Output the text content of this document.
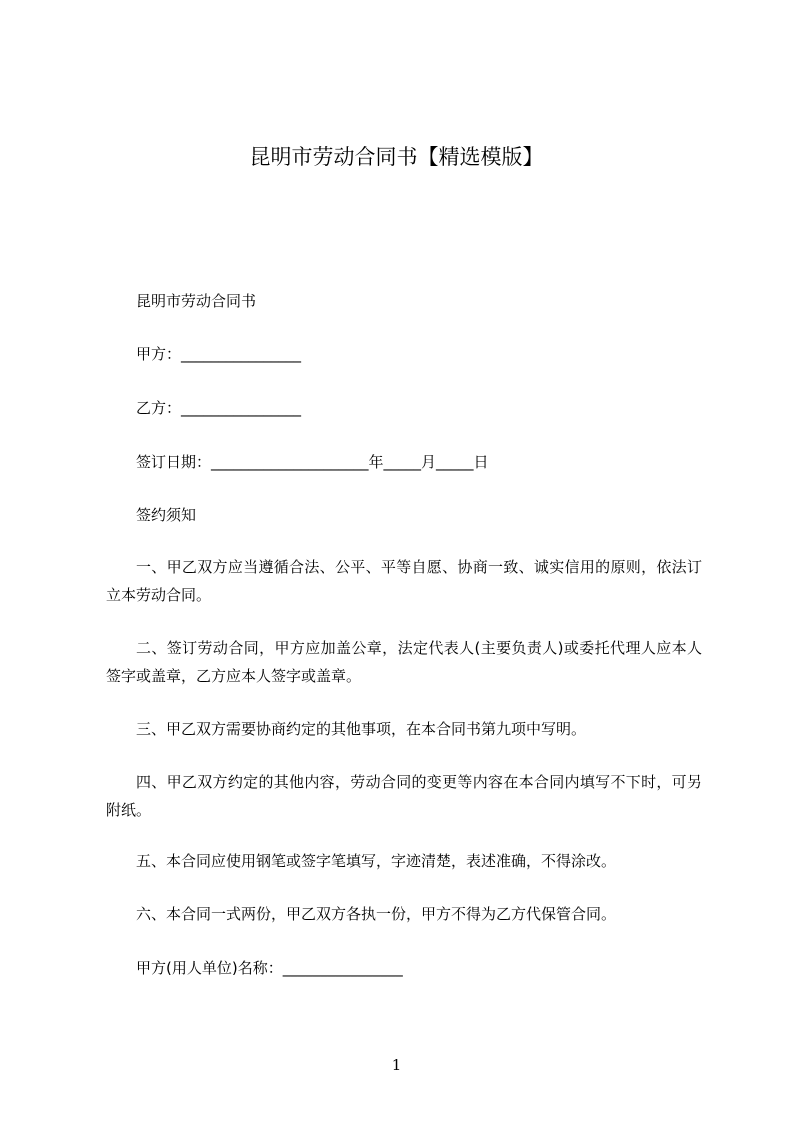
昆明市劳动合同书【精选模版】
昆明市劳动合同书
甲方：________________
乙方：________________
签订日期：_____________________年_____月_____日
签约须知
一、甲乙双方应当遵循合法、公平、平等自愿、协商一致、诚实信用的原则，依法订立本劳动合同。
二、签订劳动合同，甲方应加盖公章，法定代表人(主要负责人)或委托代理人应本人签字或盖章，乙方应本人签字或盖章。
三、甲乙双方需要协商约定的其他事项，在本合同书第九项中写明。
四、甲乙双方约定的其他内容，劳动合同的变更等内容在本合同内填写不下时，可另附纸。
五、本合同应使用钢笔或签字笔填写，字迹清楚，表述准确，不得涂改。
六、本合同一式两份，甲乙双方各执一份，甲方不得为乙方代保管合同。
甲方(用人单位)名称：________________
1
